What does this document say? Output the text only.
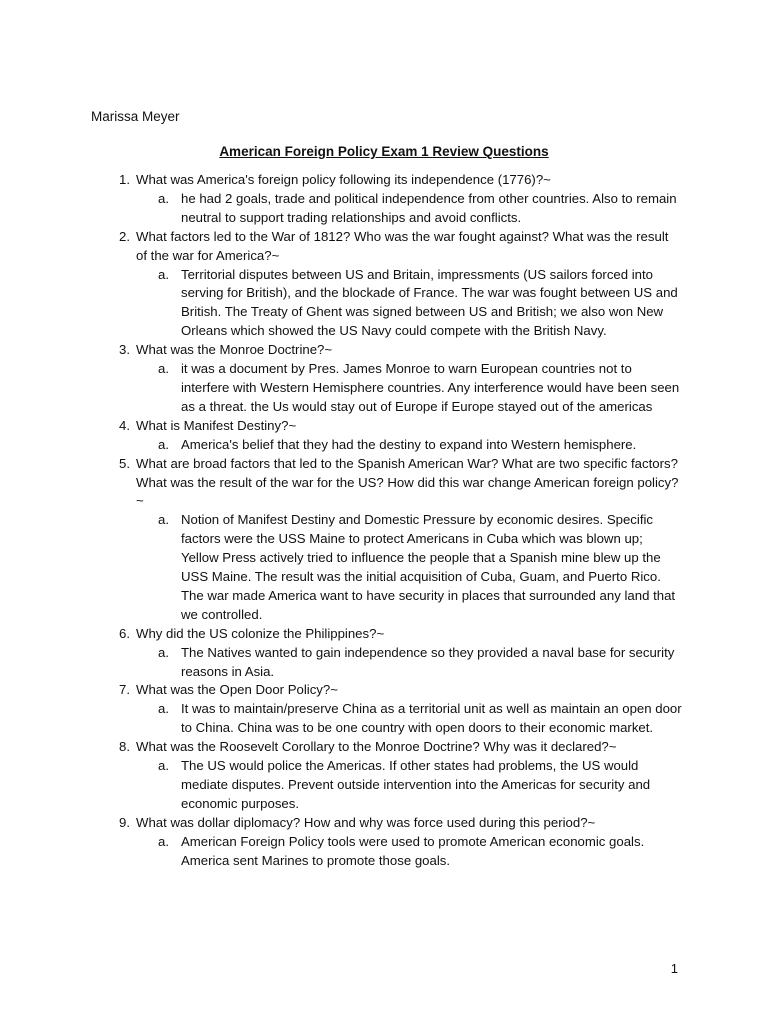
Marissa Meyer
American Foreign Policy Exam 1 Review Questions
1. What was America's foreign policy following its independence (1776)?~
a. he had 2 goals, trade and political independence from other countries. Also to remain neutral to support trading relationships and avoid conflicts.
2. What factors led to the War of 1812? Who was the war fought against? What was the result of the war for America?~
a. Territorial disputes between US and Britain, impressments (US sailors forced into serving for British), and the blockade of France. The war was fought between US and British. The Treaty of Ghent was signed between US and British; we also won New Orleans which showed the US Navy could compete with the British Navy.
3. What was the Monroe Doctrine?~
a. it was a document by Pres. James Monroe to warn European countries not to interfere with Western Hemisphere countries. Any interference would have been seen as a threat. the Us would stay out of Europe if Europe stayed out of the americas
4. What is Manifest Destiny?~
a. America's belief that they had the destiny to expand into Western hemisphere.
5. What are broad factors that led to the Spanish American War? What are two specific factors? What was the result of the war for the US? How did this war change American foreign policy?~
a. Notion of Manifest Destiny and Domestic Pressure by economic desires. Specific factors were the USS Maine to protect Americans in Cuba which was blown up; Yellow Press actively tried to influence the people that a Spanish mine blew up the USS Maine. The result was the initial acquisition of Cuba, Guam, and Puerto Rico. The war made America want to have security in places that surrounded any land that we controlled.
6. Why did the US colonize the Philippines?~
a. The Natives wanted to gain independence so they provided a naval base for security reasons in Asia.
7. What was the Open Door Policy?~
a. It was to maintain/preserve China as a territorial unit as well as maintain an open door to China. China was to be one country with open doors to their economic market.
8. What was the Roosevelt Corollary to the Monroe Doctrine? Why was it declared?~
a. The US would police the Americas. If other states had problems, the US would mediate disputes. Prevent outside intervention into the Americas for security and economic purposes.
9. What was dollar diplomacy? How and why was force used during this period?~
a. American Foreign Policy tools were used to promote American economic goals. America sent Marines to promote those goals.
1
